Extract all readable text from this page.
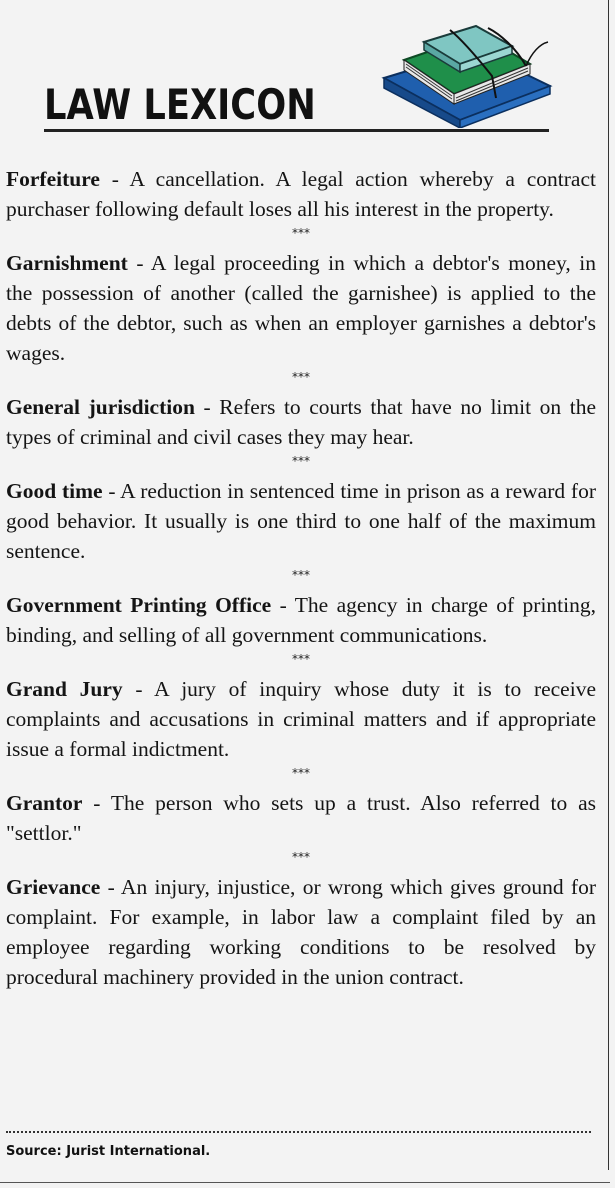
LAW LEXICON

Forfeiture - A cancellation. A legal action whereby a contract purchaser following default loses all his interest in the property.

***

Garnishment - A legal proceeding in which a debtor's money, in the possession of another (called the garnishee) is applied to the debts of the debtor, such as when an employer garnishes a debtor's wages.

***

General jurisdiction - Refers to courts that have no limit on the types of criminal and civil cases they may hear.

***

Good time - A reduction in sentenced time in prison as a reward for good behavior. It usually is one third to one half of the maximum sentence.

***

Government Printing Office - The agency in charge of printing, binding, and selling of all government communications.

***

Grand Jury - A jury of inquiry whose duty it is to receive complaints and accusations in criminal matters and if appropriate issue a formal indictment.

***

Grantor - The person who sets up a trust. Also referred to as "settlor."

***

Grievance - An injury, injustice, or wrong which gives ground for complaint. For example, in labor law a complaint filed by an employee regarding working conditions to be resolved by procedural machinery provided in the union contract.

Source: Jurist International.
